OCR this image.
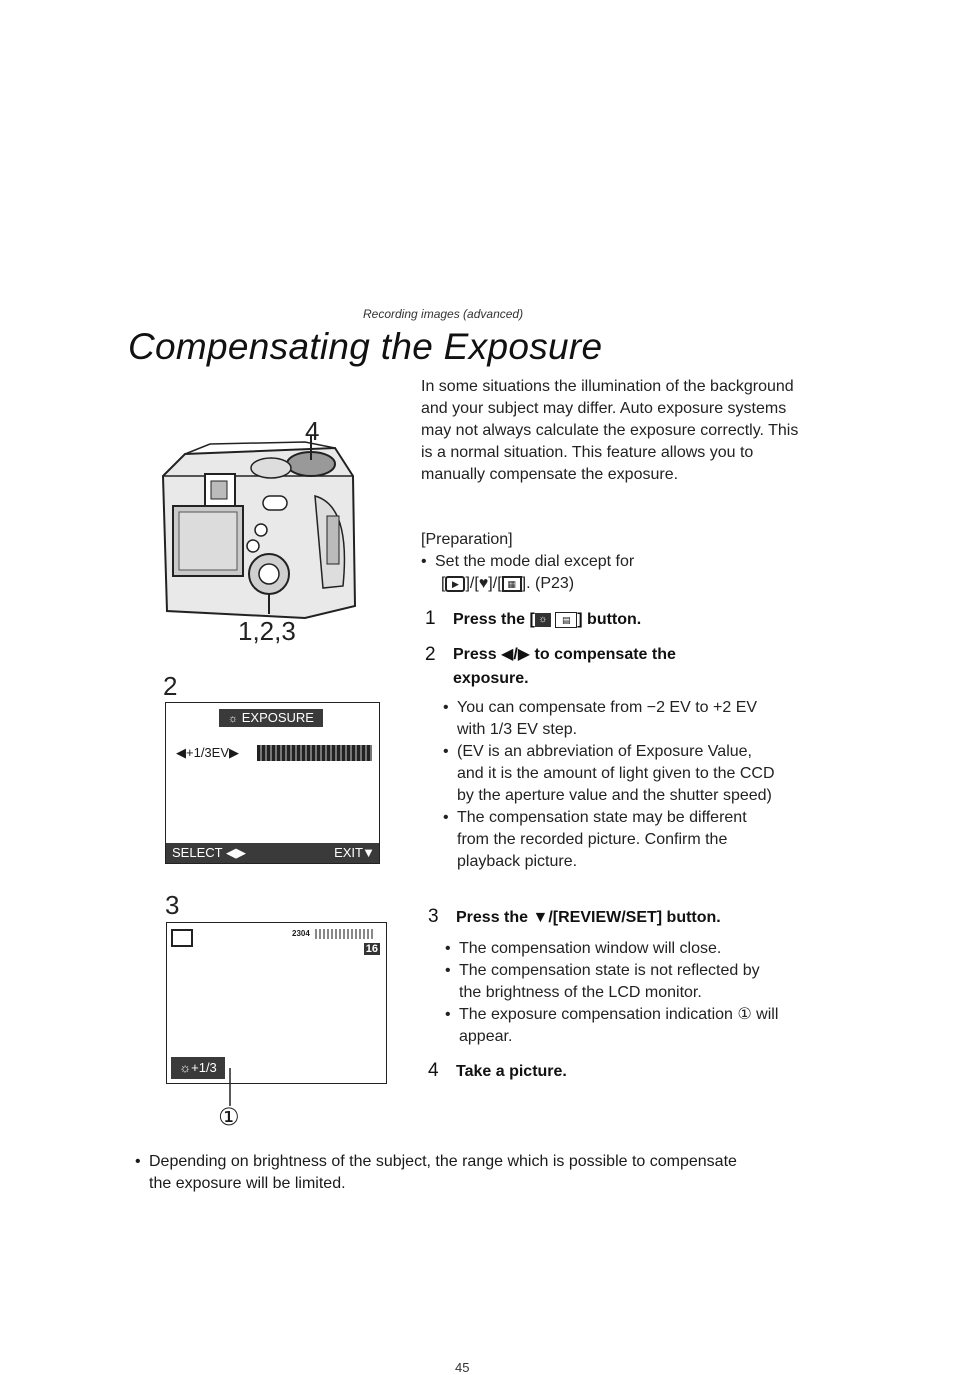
Recording images (advanced)
Compensating the Exposure
4
1,2,3
2
☼ EXPOSURE
◀+1/3EV▶
SELECT ◀▶	EXIT ▼
3
2304
16
☼+1/3
①
In some situations the illumination of the background and your subject may differ. Auto exposure systems may not always calculate the exposure correctly. This is a normal situation. This feature allows you to manually compensate the exposure.
[Preparation]
• Set the mode dial except for
[ ▶ ]/[♥]/[ ▦ ]. (P23)
1 Press the [ ☼ ▤ ] button.
2	Press ◀/▶ to compensate the exposure.
• You can compensate from −2 EV to +2 EV with 1/3 EV step.
• (EV is an abbreviation of Exposure Value, and it is the amount of light given to the CCD by the aperture value and the shutter speed)
• The compensation state may be different from the recorded picture. Confirm the playback picture.
3 Press the ▼/[REVIEW/SET] button.
• The compensation window will close.
• The compensation state is not reflected by the brightness of the LCD monitor.
• The exposure compensation indication ① will appear.
4 Take a picture.
• Depending on brightness of the subject, the range which is possible to compensate the exposure will be limited.
45
